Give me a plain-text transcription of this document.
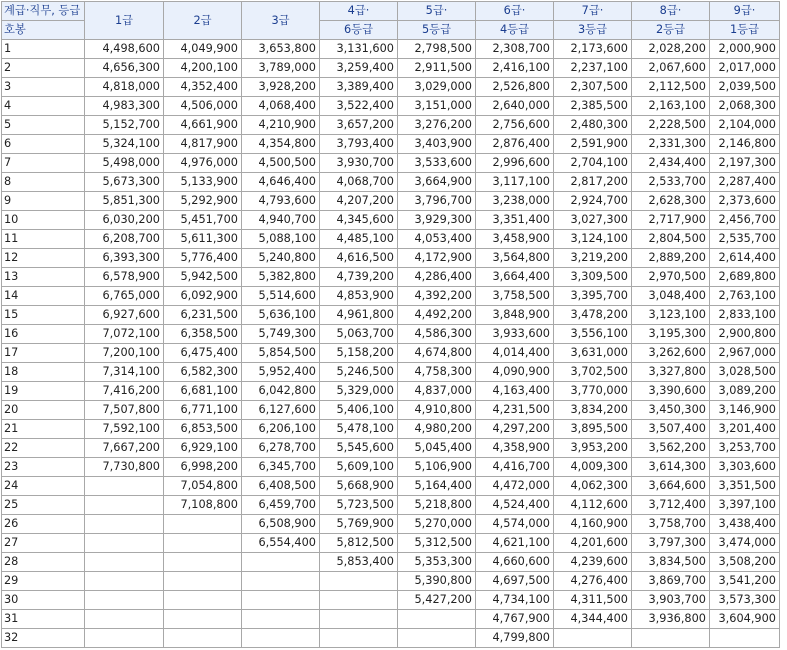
계급·직무, 등급	1급	2급	3급	4급·	5급·	6급·	7급·	8급·	9급·
호봉				6등급	5등급	4등급	3등급	2등급	1등급
1	4,498,600	4,049,900	3,653,800	3,131,600	2,798,500	2,308,700	2,173,600	2,028,200	2,000,900
2	4,656,300	4,200,100	3,789,000	3,259,400	2,911,500	2,416,100	2,237,100	2,067,600	2,017,000
3	4,818,000	4,352,400	3,928,200	3,389,400	3,029,000	2,526,800	2,307,500	2,112,500	2,039,500
4	4,983,300	4,506,000	4,068,400	3,522,400	3,151,000	2,640,000	2,385,500	2,163,100	2,068,300
5	5,152,700	4,661,900	4,210,900	3,657,200	3,276,200	2,756,600	2,480,300	2,228,500	2,104,000
6	5,324,100	4,817,900	4,354,800	3,793,400	3,403,900	2,876,400	2,591,900	2,331,300	2,146,800
7	5,498,000	4,976,000	4,500,500	3,930,700	3,533,600	2,996,600	2,704,100	2,434,400	2,197,300
8	5,673,300	5,133,900	4,646,400	4,068,700	3,664,900	3,117,100	2,817,200	2,533,700	2,287,400
9	5,851,300	5,292,900	4,793,600	4,207,200	3,796,700	3,238,000	2,924,700	2,628,300	2,373,600
10	6,030,200	5,451,700	4,940,700	4,345,600	3,929,300	3,351,400	3,027,300	2,717,900	2,456,700
11	6,208,700	5,611,300	5,088,100	4,485,100	4,053,400	3,458,900	3,124,100	2,804,500	2,535,700
12	6,393,300	5,776,400	5,240,800	4,616,500	4,172,900	3,564,800	3,219,200	2,889,200	2,614,400
13	6,578,900	5,942,500	5,382,800	4,739,200	4,286,400	3,664,400	3,309,500	2,970,500	2,689,800
14	6,765,000	6,092,900	5,514,600	4,853,900	4,392,200	3,758,500	3,395,700	3,048,400	2,763,100
15	6,927,600	6,231,500	5,636,100	4,961,800	4,492,200	3,848,900	3,478,200	3,123,100	2,833,100
16	7,072,100	6,358,500	5,749,300	5,063,700	4,586,300	3,933,600	3,556,100	3,195,300	2,900,800
17	7,200,100	6,475,400	5,854,500	5,158,200	4,674,800	4,014,400	3,631,000	3,262,600	2,967,000
18	7,314,100	6,582,300	5,952,400	5,246,500	4,758,300	4,090,900	3,702,500	3,327,800	3,028,500
19	7,416,200	6,681,100	6,042,800	5,329,000	4,837,000	4,163,400	3,770,000	3,390,600	3,089,200
20	7,507,800	6,771,100	6,127,600	5,406,100	4,910,800	4,231,500	3,834,200	3,450,300	3,146,900
21	7,592,100	6,853,500	6,206,100	5,478,100	4,980,200	4,297,200	3,895,500	3,507,400	3,201,400
22	7,667,200	6,929,100	6,278,700	5,545,600	5,045,400	4,358,900	3,953,200	3,562,200	3,253,700
23	7,730,800	6,998,200	6,345,700	5,609,100	5,106,900	4,416,700	4,009,300	3,614,300	3,303,600
24		7,054,800	6,408,500	5,668,900	5,164,400	4,472,000	4,062,300	3,664,600	3,351,500
25		7,108,800	6,459,700	5,723,500	5,218,800	4,524,400	4,112,600	3,712,400	3,397,100
26			6,508,900	5,769,900	5,270,000	4,574,000	4,160,900	3,758,700	3,438,400
27			6,554,400	5,812,500	5,312,500	4,621,100	4,201,600	3,797,300	3,474,000
28				5,853,400	5,353,300	4,660,600	4,239,600	3,834,500	3,508,200
29					5,390,800	4,697,500	4,276,400	3,869,700	3,541,200
30					5,427,200	4,734,100	4,311,500	3,903,700	3,573,300
31						4,767,900	4,344,400	3,936,800	3,604,900
32						4,799,800			
